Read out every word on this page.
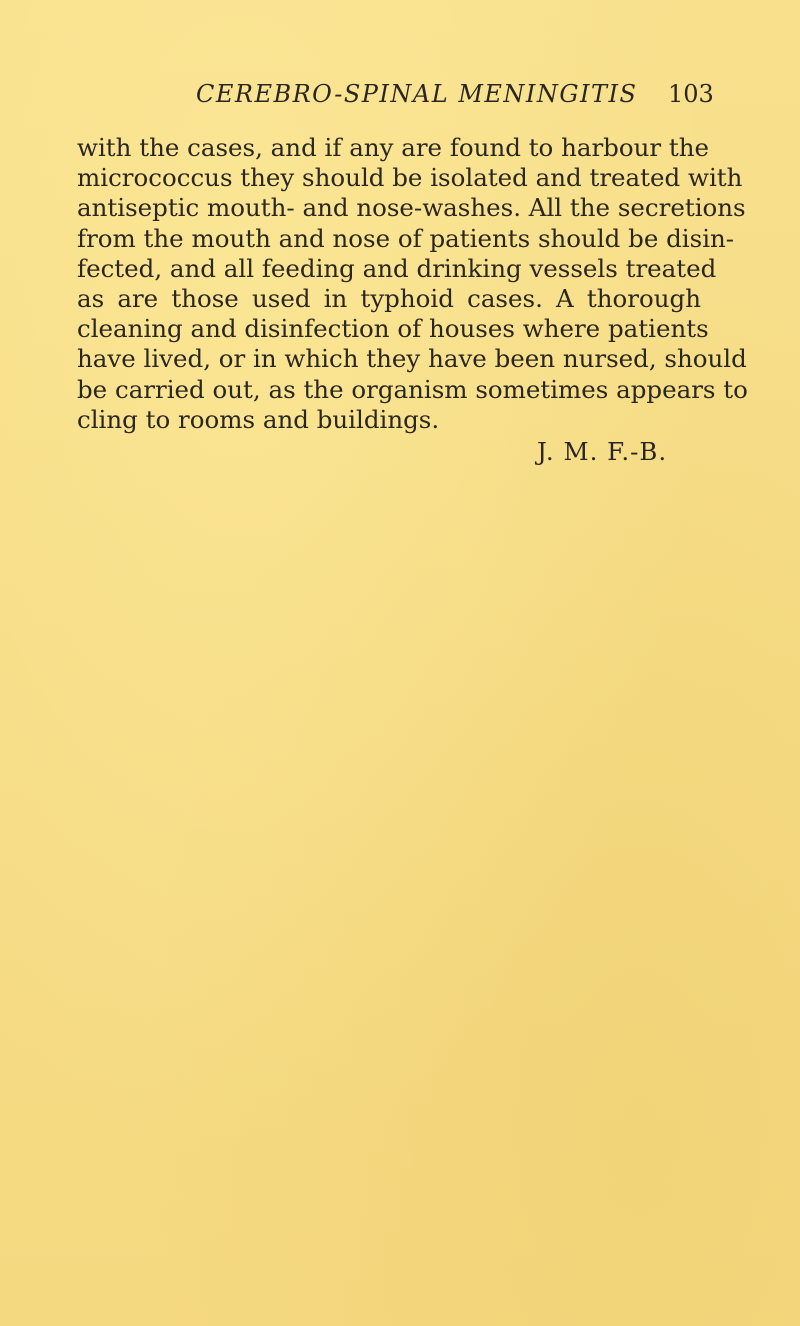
CEREBRO-SPINAL MENINGITIS 103
with the cases, and if any are found to harbour the
micrococcus they should be isolated and treated with
antiseptic mouth- and nose-washes. All the secretions
from the mouth and nose of patients should be disin-
fected, and all feeding and drinking vessels treated
as are those used in typhoid cases. A thorough
cleaning and disinfection of houses where patients
have lived, or in which they have been nursed, should
be carried out, as the organism sometimes appears to
cling to rooms and buildings.
J. M. F.-B.
